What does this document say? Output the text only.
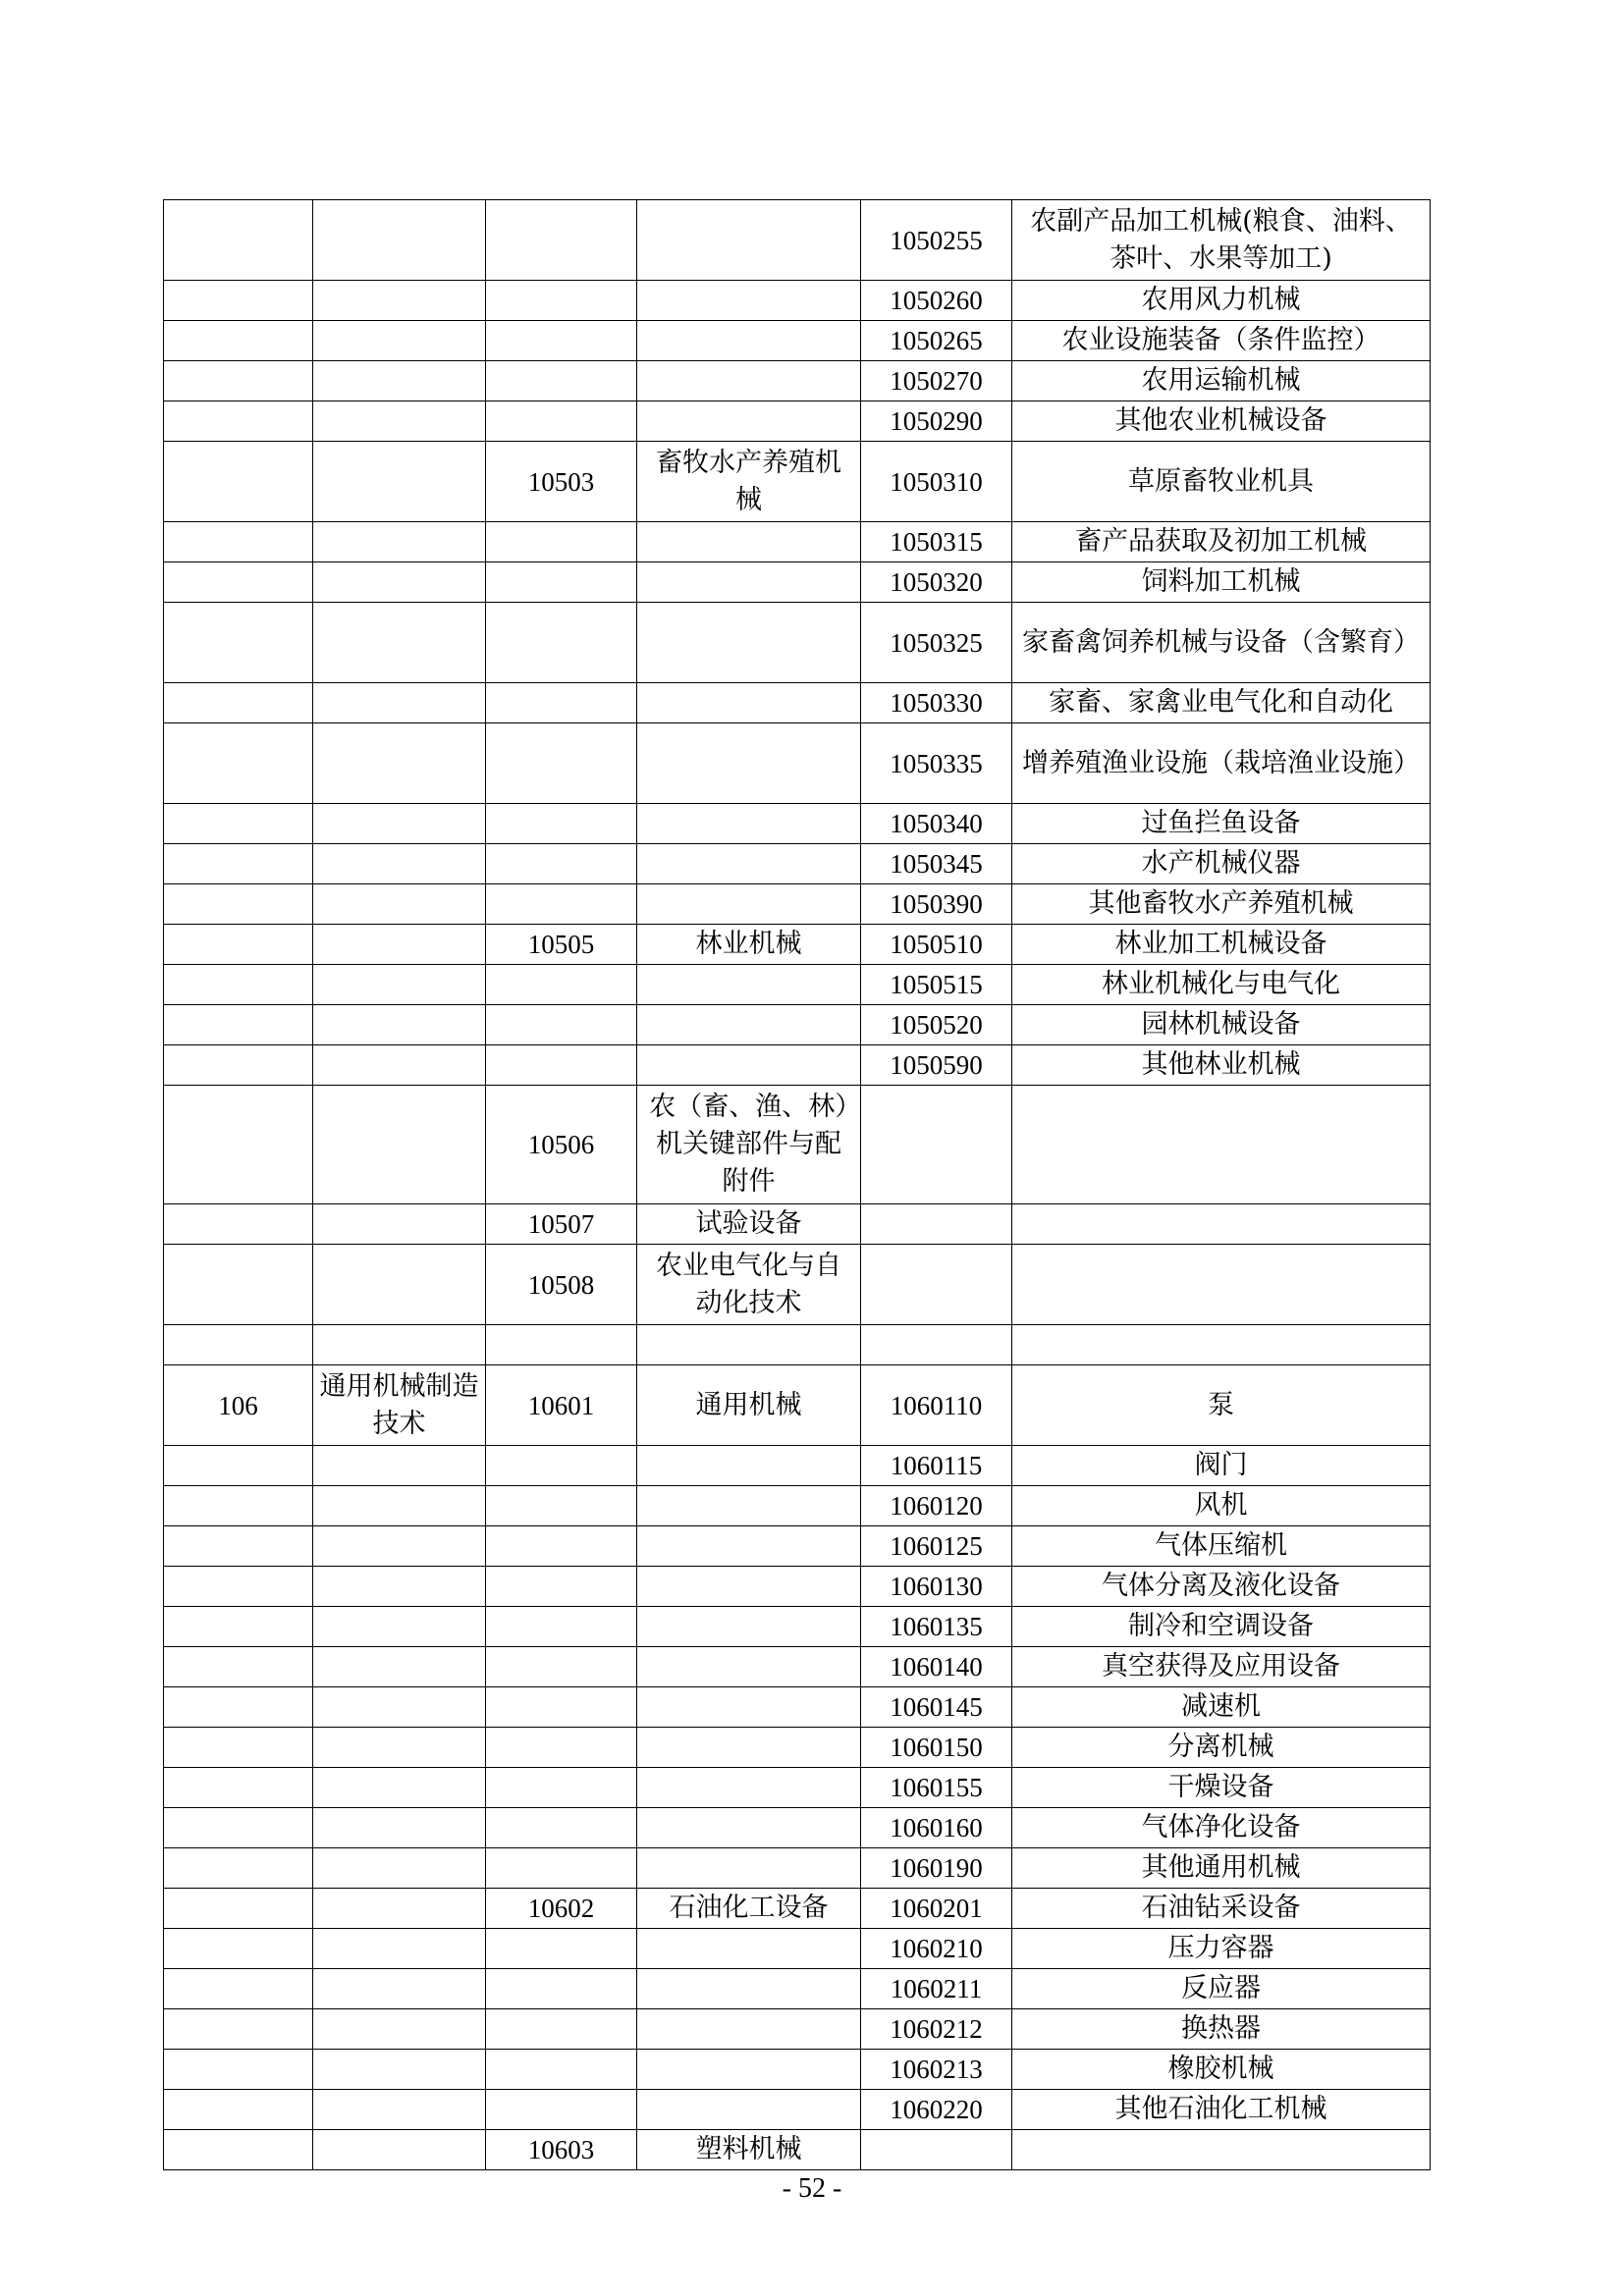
				1050255	农副产品加工机械(粮食、油料、茶叶、水果等加工)
				1050260	农用风力机械
				1050265	农业设施装备（条件监控）
				1050270	农用运输机械
				1050290	其他农业机械设备
		10503	畜牧水产养殖机械	1050310	草原畜牧业机具
				1050315	畜产品获取及初加工机械
				1050320	饲料加工机械
				1050325	家畜禽饲养机械与设备（含繁育）
				1050330	家畜、家禽业电气化和自动化
				1050335	增养殖渔业设施（栽培渔业设施）
				1050340	过鱼拦鱼设备
				1050345	水产机械仪器
				1050390	其他畜牧水产养殖机械
		10505	林业机械	1050510	林业加工机械设备
				1050515	林业机械化与电气化
				1050520	园林机械设备
				1050590	其他林业机械
		10506	农（畜、渔、林）机关键部件与配附件		
		10507	试验设备		
		10508	农业电气化与自动化技术		

106	通用机械制造技术	10601	通用机械	1060110	泵
				1060115	阀门
				1060120	风机
				1060125	气体压缩机
				1060130	气体分离及液化设备
				1060135	制冷和空调设备
				1060140	真空获得及应用设备
				1060145	减速机
				1060150	分离机械
				1060155	干燥设备
				1060160	气体净化设备
				1060190	其他通用机械
		10602	石油化工设备	1060201	石油钻采设备
				1060210	压力容器
				1060211	反应器
				1060212	换热器
				1060213	橡胶机械
				1060220	其他石油化工机械
		10603	塑料机械		
- 52 -
